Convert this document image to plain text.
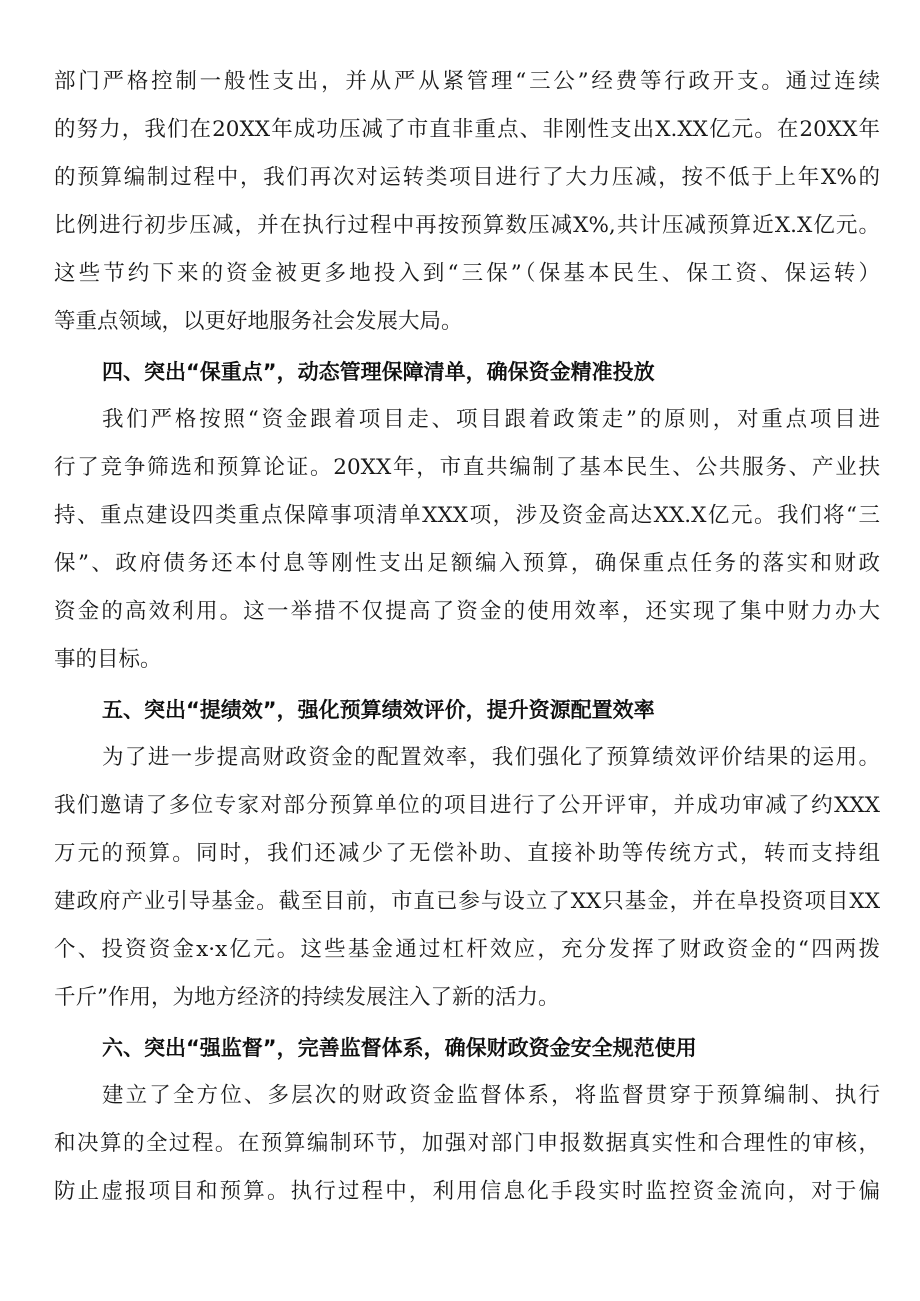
部门严格控制一般性支出，并从严从紧管理“三公”经费等行政开支。通过连续
的努力，我们在20XX年成功压减了市直非重点、非刚性支出X.XX亿元。在20XX年
的预算编制过程中，我们再次对运转类项目进行了大力压减，按不低于上年X%的
比例进行初步压减，并在执行过程中再按预算数压减X%,共计压减预算近X.X亿元。
这些节约下来的资金被更多地投入到“三保”（保基本民生、保工资、保运转）
等重点领域，以更好地服务社会发展大局。
四、突出“保重点”，动态管理保障清单，确保资金精准投放
我们严格按照“资金跟着项目走、项目跟着政策走”的原则，对重点项目进
行了竞争筛选和预算论证。20XX年，市直共编制了基本民生、公共服务、产业扶
持、重点建设四类重点保障事项清单XXX项，涉及资金高达XX.X亿元。我们将“三
保”、政府债务还本付息等刚性支出足额编入预算，确保重点任务的落实和财政
资金的高效利用。这一举措不仅提高了资金的使用效率，还实现了集中财力办大
事的目标。
五、突出“提绩效”，强化预算绩效评价，提升资源配置效率
为了进一步提高财政资金的配置效率，我们强化了预算绩效评价结果的运用。
我们邀请了多位专家对部分预算单位的项目进行了公开评审，并成功审减了约XXX
万元的预算。同时，我们还减少了无偿补助、直接补助等传统方式，转而支持组
建政府产业引导基金。截至目前，市直已参与设立了XX只基金，并在阜投资项目XX
个、投资资金x·x亿元。这些基金通过杠杆效应，充分发挥了财政资金的“四两拨
千斤”作用，为地方经济的持续发展注入了新的活力。
六、突出“强监督”，完善监督体系，确保财政资金安全规范使用
建立了全方位、多层次的财政资金监督体系，将监督贯穿于预算编制、执行
和决算的全过程。在预算编制环节，加强对部门申报数据真实性和合理性的审核，
防止虚报项目和预算。执行过程中，利用信息化手段实时监控资金流向，对于偏
